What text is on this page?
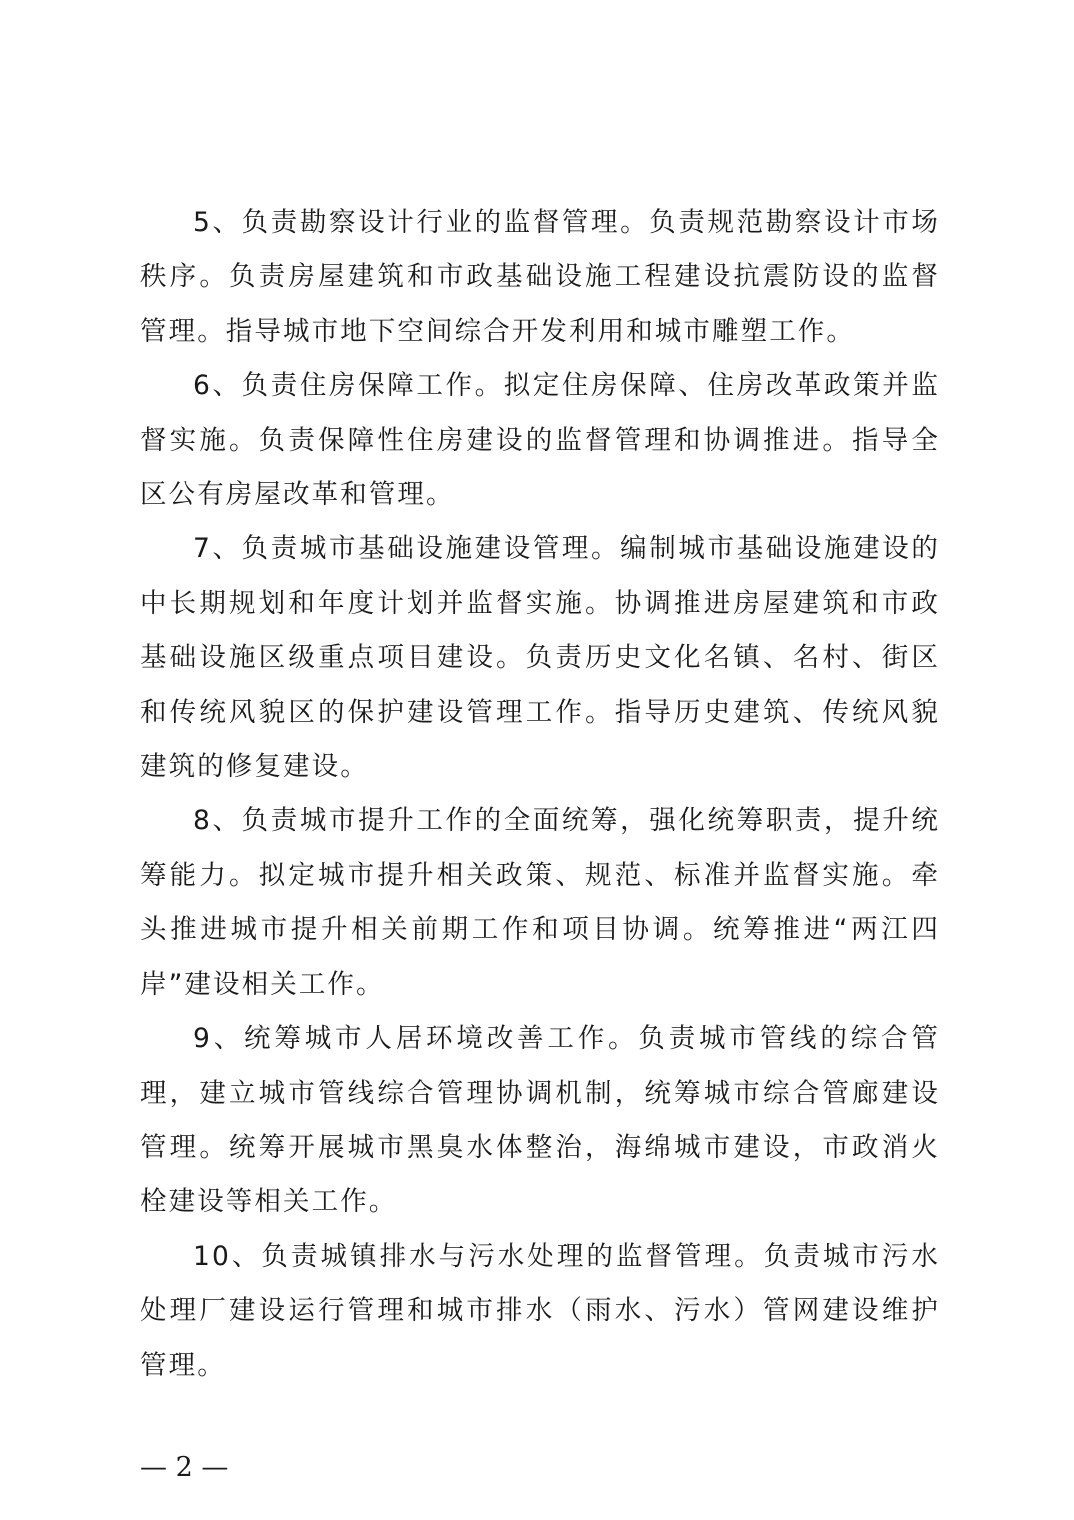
5、负责勘察设计行业的监督管理。负责规范勘察设计市场秩序。负责房屋建筑和市政基础设施工程建设抗震防设的监督管理。指导城市地下空间综合开发利用和城市雕塑工作。

6、负责住房保障工作。拟定住房保障、住房改革政策并监督实施。负责保障性住房建设的监督管理和协调推进。指导全区公有房屋改革和管理。

7、负责城市基础设施建设管理。编制城市基础设施建设的中长期规划和年度计划并监督实施。协调推进房屋建筑和市政基础设施区级重点项目建设。负责历史文化名镇、名村、街区和传统风貌区的保护建设管理工作。指导历史建筑、传统风貌建筑的修复建设。

8、负责城市提升工作的全面统筹，强化统筹职责，提升统筹能力。拟定城市提升相关政策、规范、标准并监督实施。牵头推进城市提升相关前期工作和项目协调。统筹推进“两江四岸”建设相关工作。

9、统筹城市人居环境改善工作。负责城市管线的综合管理，建立城市管线综合管理协调机制，统筹城市综合管廊建设管理。统筹开展城市黑臭水体整治，海绵城市建设，市政消火栓建设等相关工作。

10、负责城镇排水与污水处理的监督管理。负责城市污水处理厂建设运行管理和城市排水（雨水、污水）管网建设维护管理。

— 2 —
